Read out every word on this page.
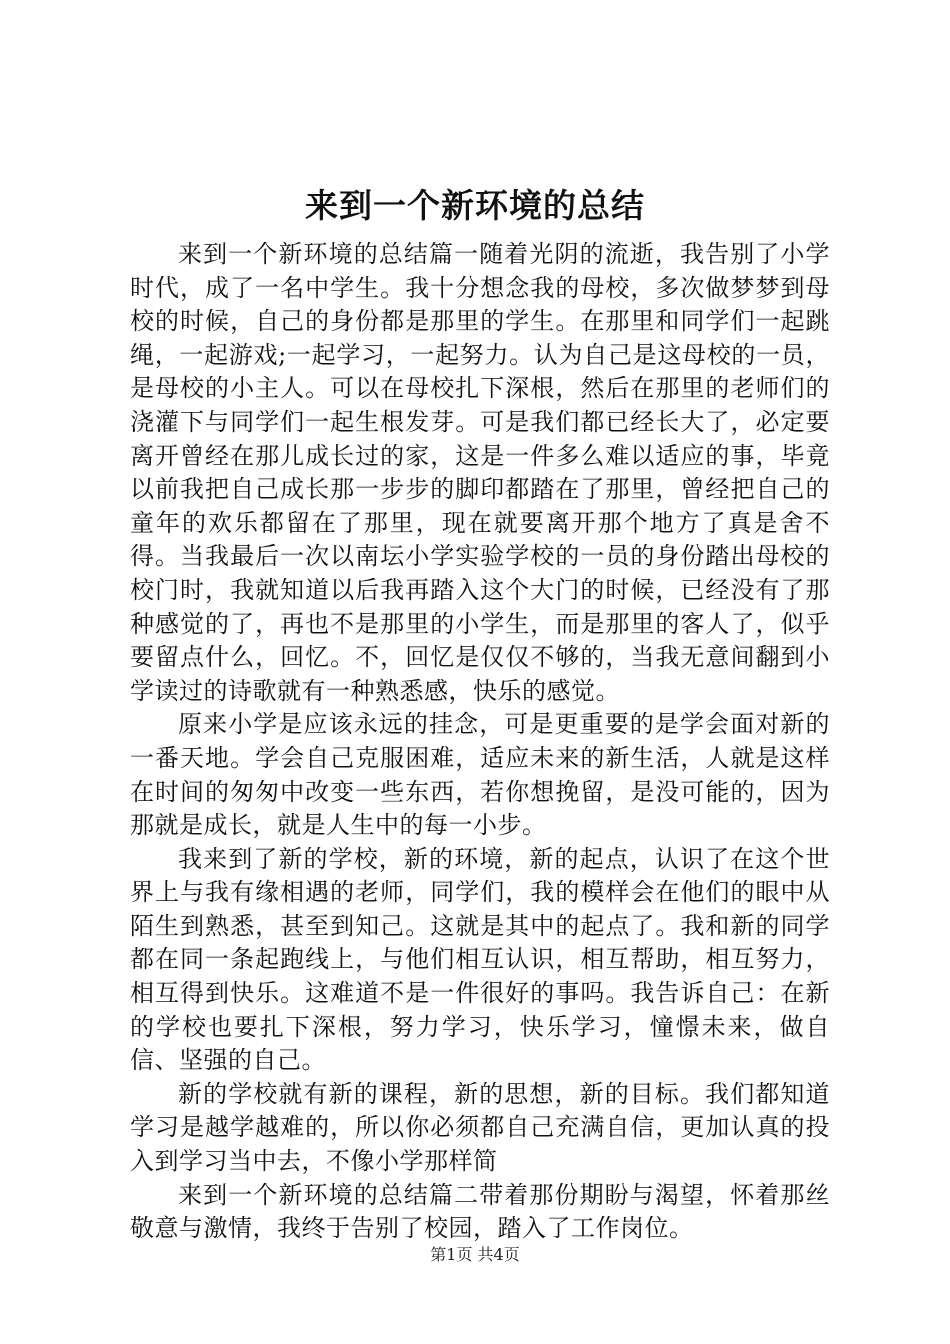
来到一个新环境的总结

来到一个新环境的总结篇一随着光阴的流逝，我告别了小学时代，成了一名中学生。我十分想念我的母校，多次做梦梦到母校的时候，自己的身份都是那里的学生。在那里和同学们一起跳绳，一起游戏;一起学习，一起努力。认为自己是这母校的一员，是母校的小主人。可以在母校扎下深根，然后在那里的老师们的浇灌下与同学们一起生根发芽。可是我们都已经长大了，必定要离开曾经在那儿成长过的家，这是一件多么难以适应的事，毕竟以前我把自己成长那一步步的脚印都踏在了那里，曾经把自己的童年的欢乐都留在了那里，现在就要离开那个地方了真是舍不得。当我最后一次以南坛小学实验学校的一员的身份踏出母校的校门时，我就知道以后我再踏入这个大门的时候，已经没有了那种感觉的了，再也不是那里的小学生，而是那里的客人了，似乎要留点什么，回忆。不，回忆是仅仅不够的，当我无意间翻到小学读过的诗歌就有一种熟悉感，快乐的感觉。

原来小学是应该永远的挂念，可是更重要的是学会面对新的一番天地。学会自己克服困难，适应未来的新生活，人就是这样在时间的匆匆中改变一些东西，若你想挽留，是没可能的，因为那就是成长，就是人生中的每一小步。

我来到了新的学校，新的环境，新的起点，认识了在这个世界上与我有缘相遇的老师，同学们，我的模样会在他们的眼中从陌生到熟悉，甚至到知己。这就是其中的起点了。我和新的同学都在同一条起跑线上，与他们相互认识，相互帮助，相互努力，相互得到快乐。这难道不是一件很好的事吗。我告诉自己：在新的学校也要扎下深根，努力学习，快乐学习，憧憬未来，做自信、坚强的自己。

新的学校就有新的课程，新的思想，新的目标。我们都知道学习是越学越难的，所以你必须都自己充满自信，更加认真的投入到学习当中去，不像小学那样简

来到一个新环境的总结篇二带着那份期盼与渴望，怀着那丝敬意与激情，我终于告别了校园，踏入了工作岗位。

第1页 共4页
